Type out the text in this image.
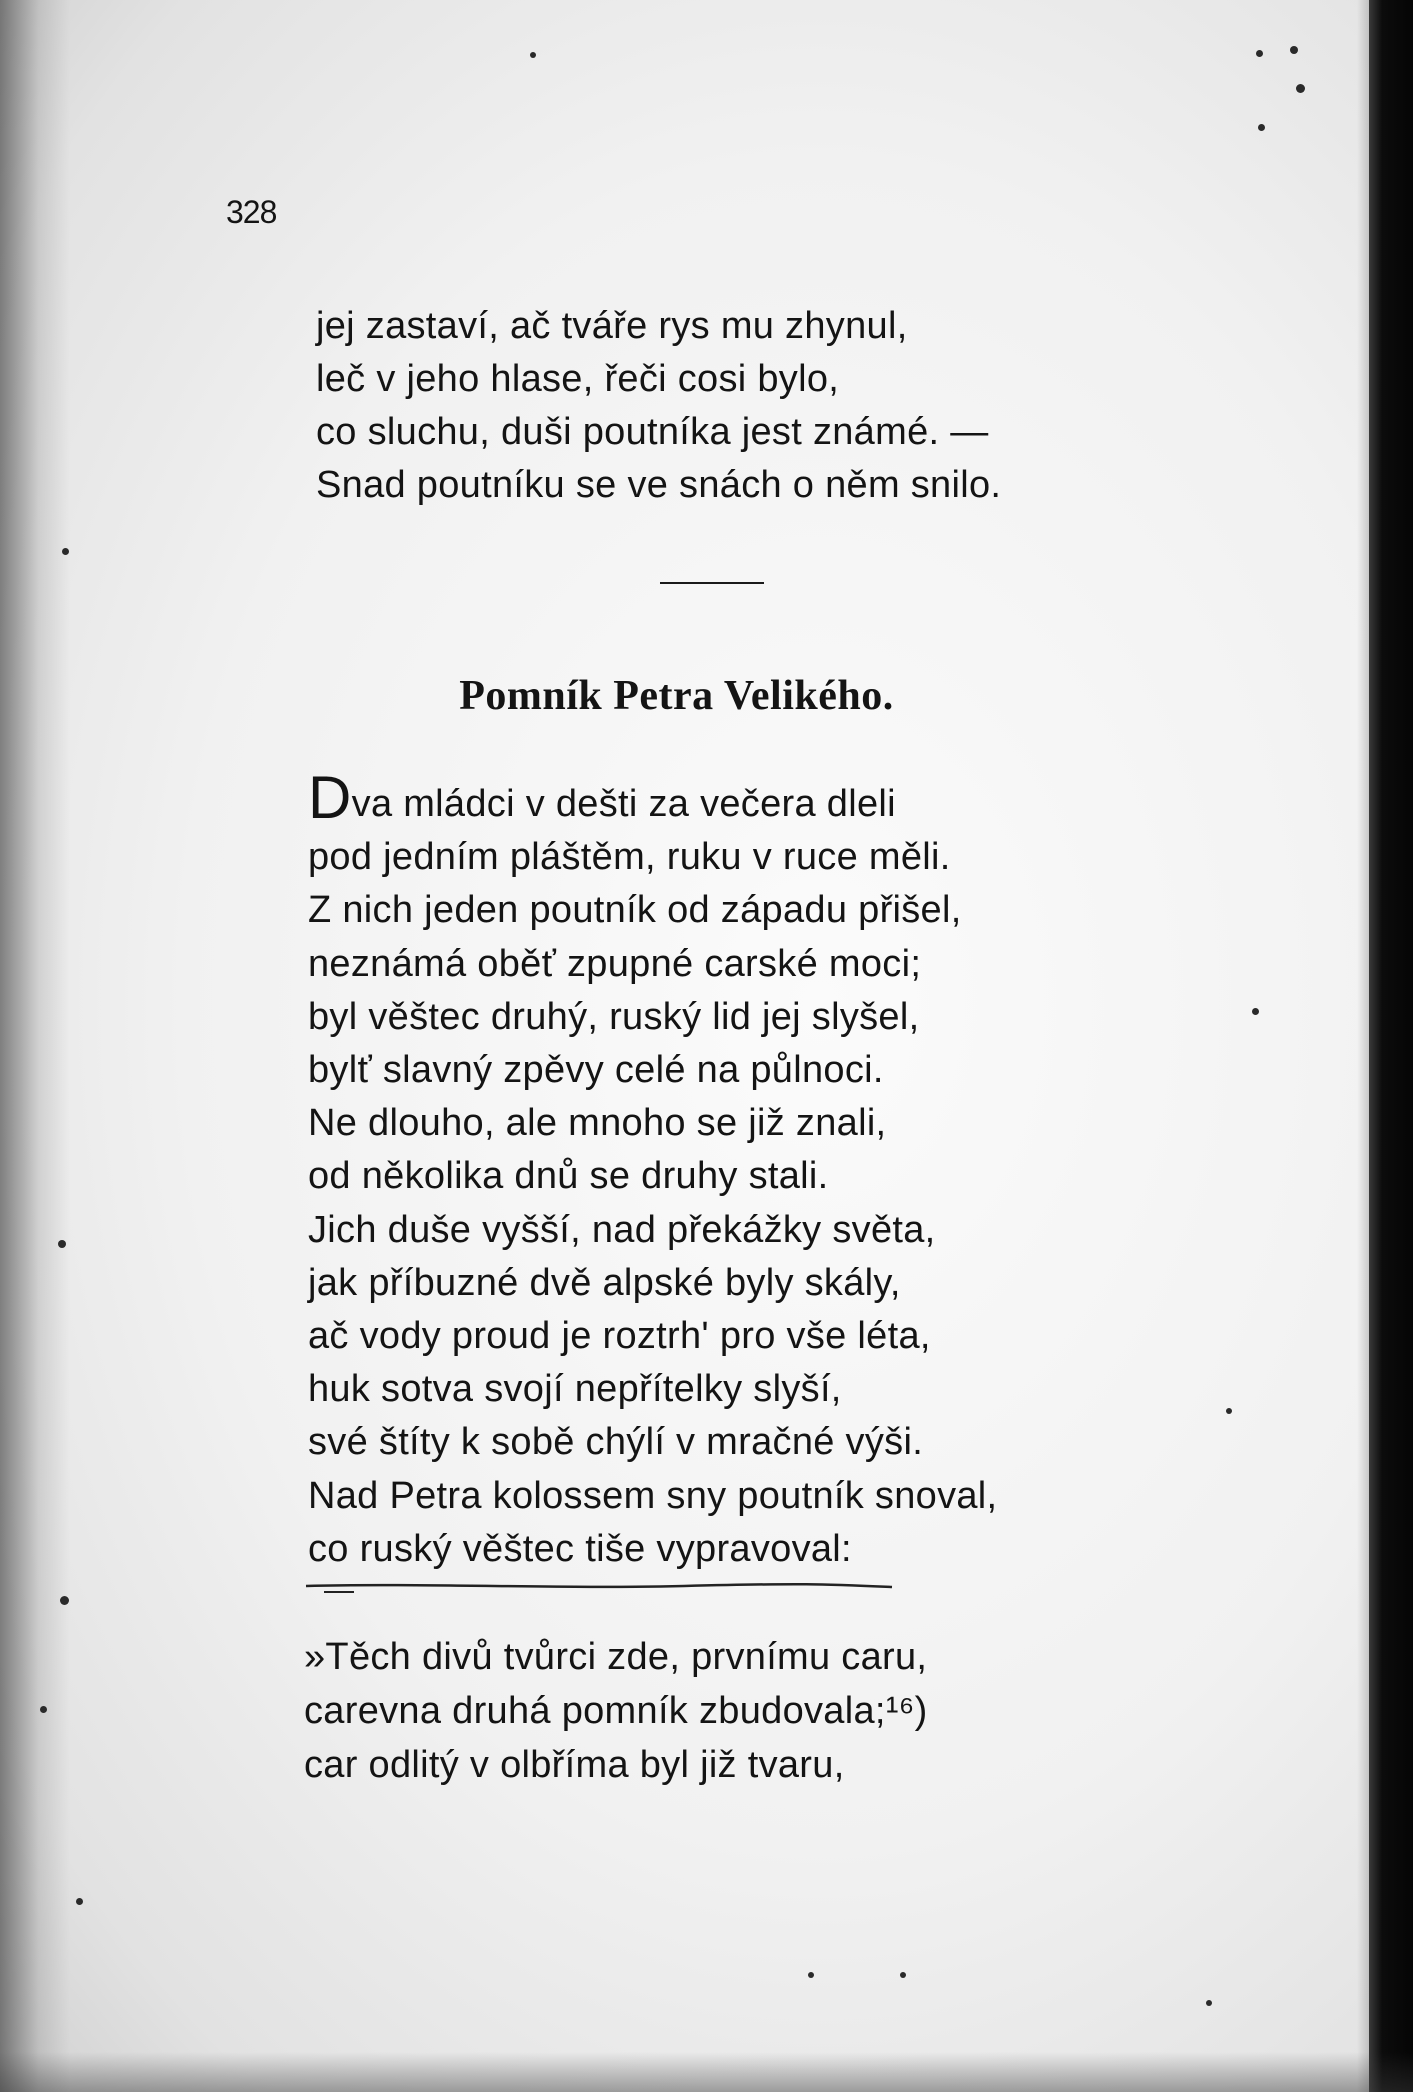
328
jej zastaví, ač tváře rys mu zhynul,
leč v jeho hlase, řeči cosi bylo,
co sluchu, duši poutníka jest známé. —
Snad poutníku se ve snách o něm snilo.
Pomník Petra Velikého.
Dva mládci v dešti za večera dleli
pod jedním pláštěm, ruku v ruce měli.
Z nich jeden poutník od západu přišel,
neznámá oběť zpupné carské moci;
byl věštec druhý, ruský lid jej slyšel,
bylť slavný zpěvy celé na půlnoci.
Ne dlouho, ale mnoho se již znali,
od několika dnů se druhy stali.
Jich duše vyšší, nad překážky světa,
jak příbuzné dvě alpské byly skály,
ač vody proud je roztrh' pro vše léta,
huk sotva svojí nepřítelky slyší,
své štíty k sobě chýlí v mračné výši.
Nad Petra kolossem sny poutník snoval,
co ruský věštec tiše vypravoval:
»Těch divů tvůrci zde, prvnímu caru,
carevna druhá pomník zbudovala;¹⁶)
car odlitý v olbříma byl již tvaru,
